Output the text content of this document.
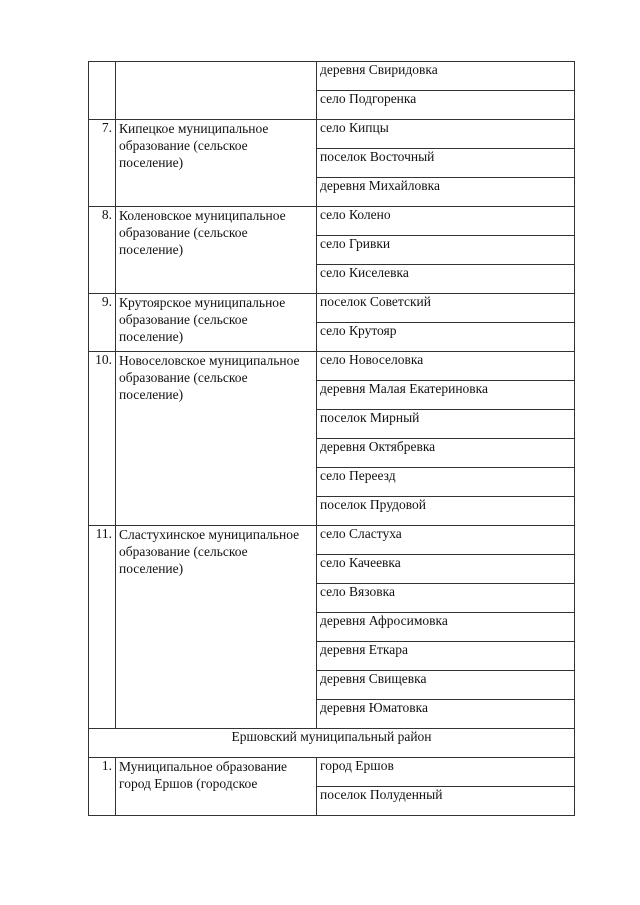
		деревня Свиридовка
		село Подгоренка
7.	Кипецкое муниципальное образование (сельское поселение)	село Кипцы
		поселок Восточный
		деревня Михайловка
8.	Коленовское муниципальное образование (сельское поселение)	село Колено
		село Гривки
		село Киселевка
9.	Крутоярское муниципальное образование (сельское поселение)	поселок Советский
		село Крутояр
10.	Новоселовское муниципальное образование (сельское поселение)	село Новоселовка
		деревня Малая Екатериновка
		поселок Мирный
		деревня Октябревка
		село Переезд
		поселок Прудовой
11.	Сластухинское муниципальное образование (сельское поселение)	село Сластуха
		село Качеевка
		село Вязовка
		деревня Афросимовка
		деревня Еткара
		деревня Свищевка
		деревня Юматовка
Ершовский муниципальный район		
1.	Муниципальное образование город Ершов (городское	город Ершов
		поселок Полуденный
